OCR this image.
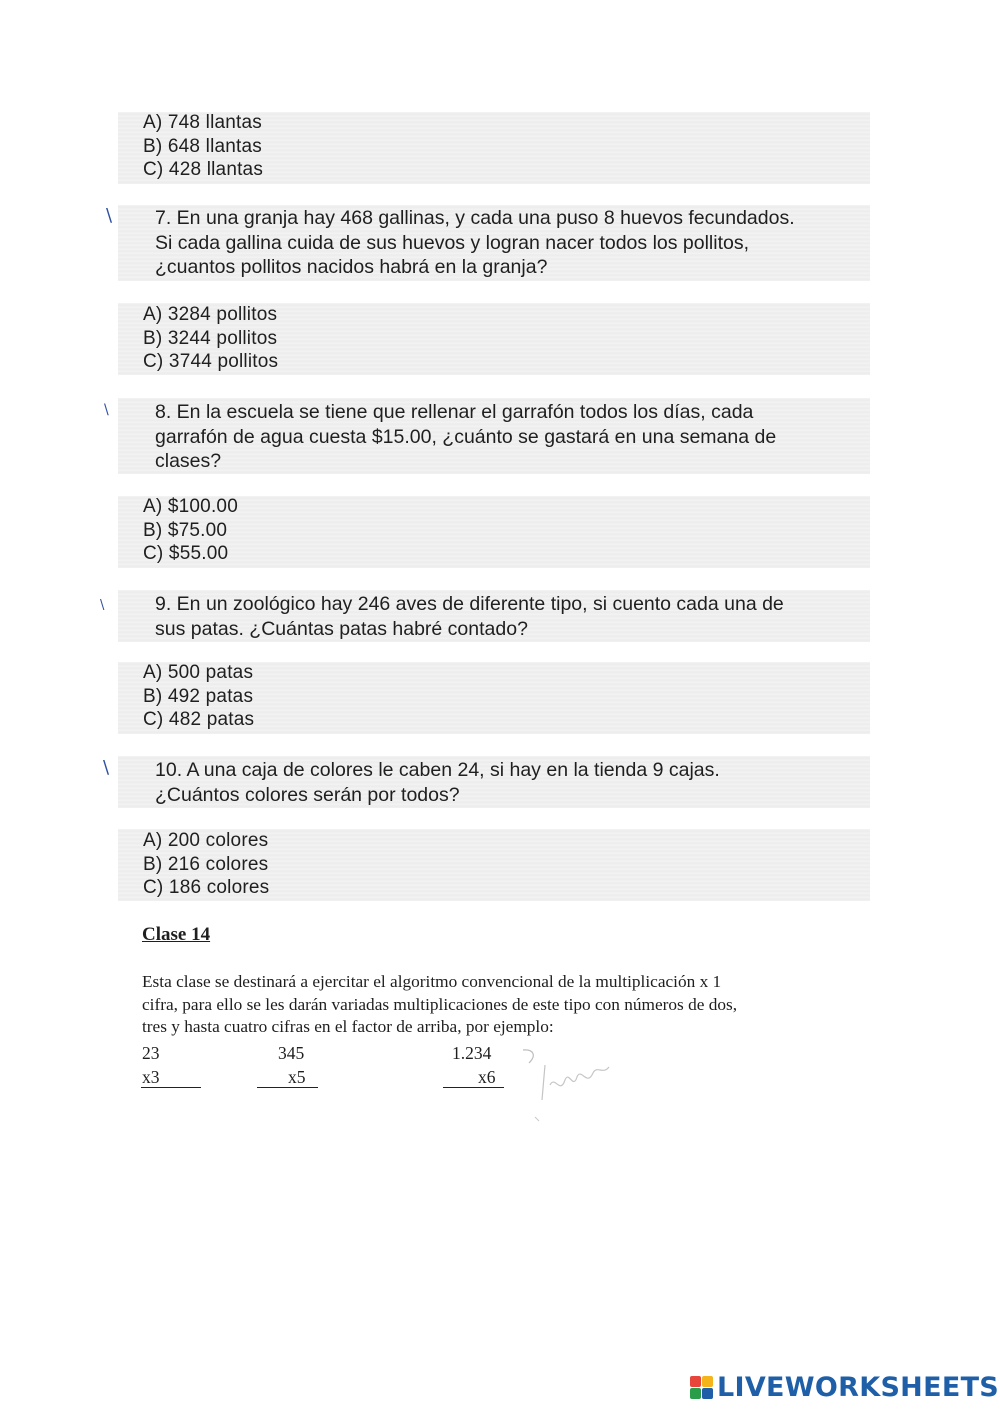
A) 748 llantas
B) 648 llantas
C) 428 llantas
\ 7. En una granja hay 468 gallinas, y cada una puso 8 huevos fecundados.
Si cada gallina cuida de sus huevos y logran nacer todos los pollitos,
¿cuantos pollitos nacidos habrá en la granja?
A) 3284 pollitos
B) 3244 pollitos
C) 3744 pollitos
\ 8. En la escuela se tiene que rellenar el garrafón todos los días, cada
garrafón de agua cuesta $15.00, ¿cuánto se gastará en una semana de
clases?
A) $100.00
B) $75.00
C) $55.00
\	9. En un zoológico hay 246 aves de diferente tipo, si cuento cada una de
sus patas. ¿Cuántas patas habré contado?
A) 500 patas
B) 492 patas
C) 482 patas
\ 10. A una caja de colores le caben 24, si hay en la tienda 9 cajas.
¿Cuántos colores serán por todos?
A) 200 colores
B) 216 colores
C) 186 colores
Clase 14
Esta clase se destinará a ejercitar el algoritmo convencional de la multiplicación x 1
cifra, para ello se les darán variadas multiplicaciones de este tipo con números de dos,
tres y hasta cuatro cifras en el factor de arriba, por ejemplo:
23
x3
345
x5
1.234
x6
LIVEWORKSHEETS
